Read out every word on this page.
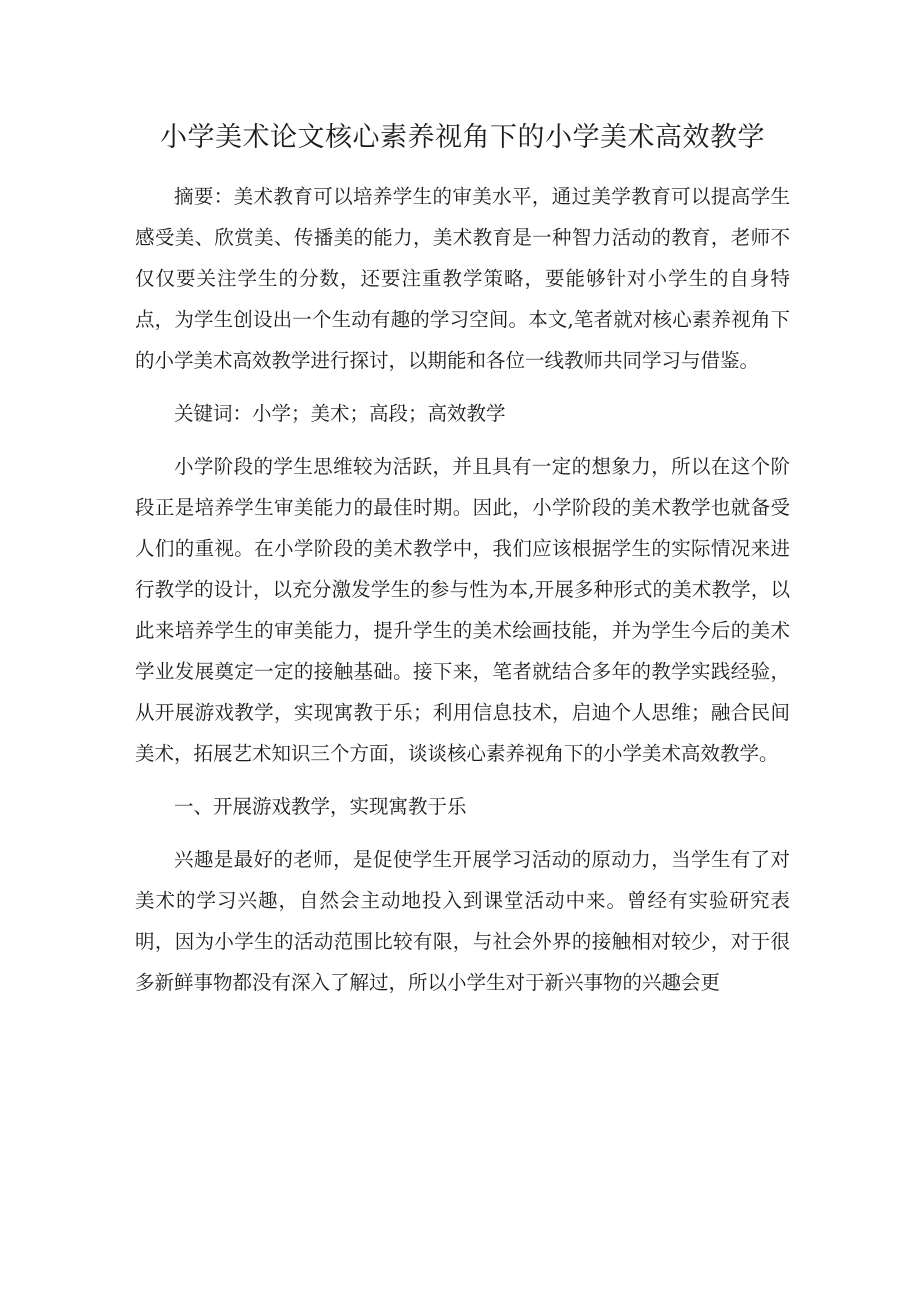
小学美术论文核心素养视角下的小学美术高效教学

摘要：美术教育可以培养学生的审美水平，通过美学教育可以提高学生感受美、欣赏美、传播美的能力，美术教育是一种智力活动的教育，老师不仅仅要关注学生的分数，还要注重教学策略，要能够针对小学生的自身特点，为学生创设出一个生动有趣的学习空间。本文,笔者就对核心素养视角下的小学美术高效教学进行探讨，以期能和各位一线教师共同学习与借鉴。

关键词：小学；美术；高段；高效教学

小学阶段的学生思维较为活跃，并且具有一定的想象力，所以在这个阶段正是培养学生审美能力的最佳时期。因此，小学阶段的美术教学也就备受人们的重视。在小学阶段的美术教学中，我们应该根据学生的实际情况来进行教学的设计，以充分激发学生的参与性为本,开展多种形式的美术教学，以此来培养学生的审美能力，提升学生的美术绘画技能，并为学生今后的美术学业发展奠定一定的接触基础。接下来，笔者就结合多年的教学实践经验，从开展游戏教学，实现寓教于乐；利用信息技术，启迪个人思维；融合民间美术，拓展艺术知识三个方面，谈谈核心素养视角下的小学美术高效教学。

一、开展游戏教学，实现寓教于乐

兴趣是最好的老师，是促使学生开展学习活动的原动力，当学生有了对美术的学习兴趣，自然会主动地投入到课堂活动中来。曾经有实验研究表明，因为小学生的活动范围比较有限，与社会外界的接触相对较少，对于很多新鲜事物都没有深入了解过，所以小学生对于新兴事物的兴趣会更
